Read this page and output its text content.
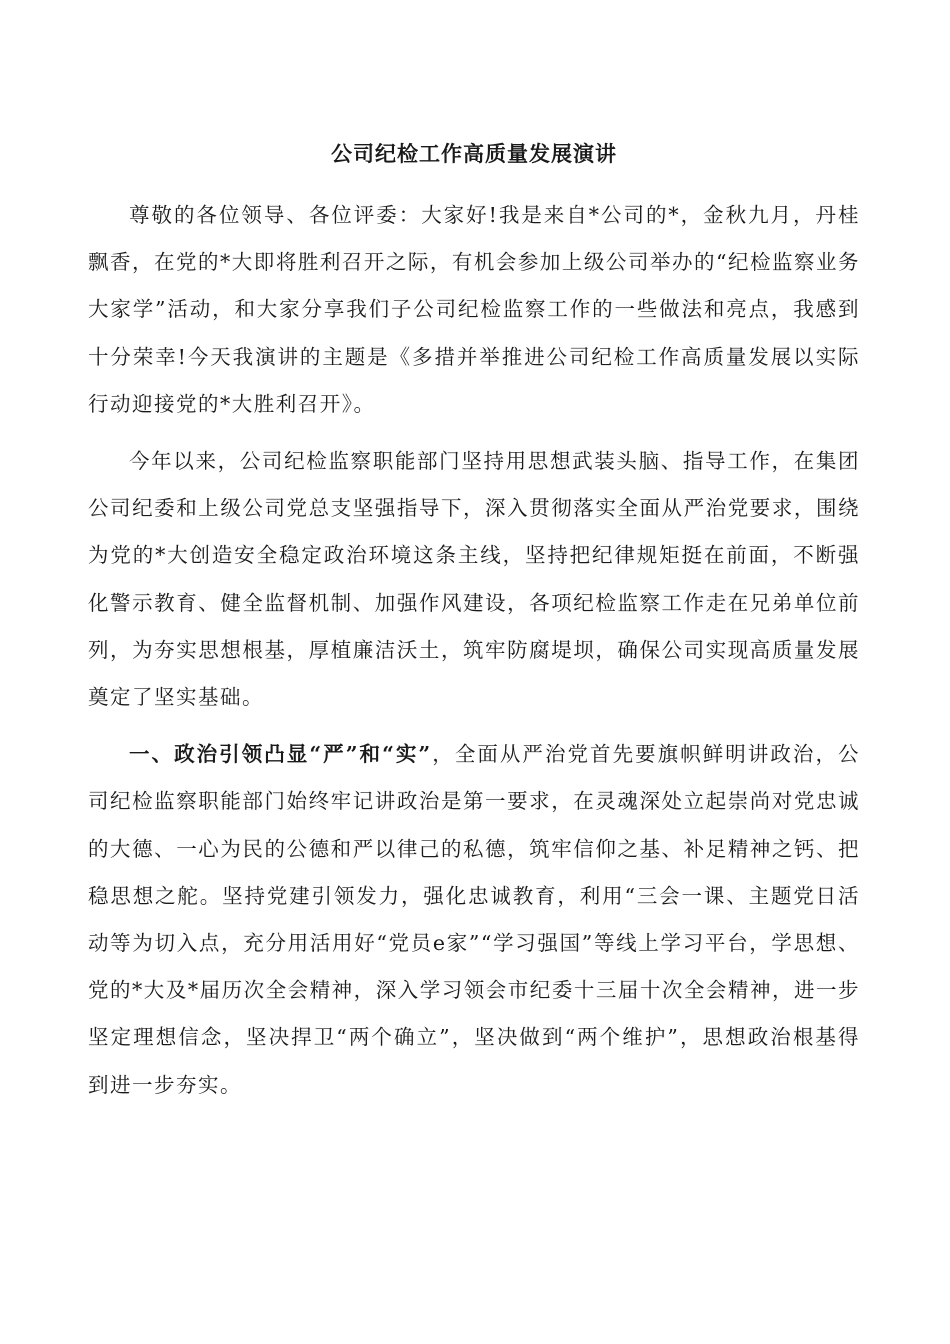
公司纪检工作高质量发展演讲

尊敬的各位领导、各位评委：大家好!我是来自*公司的*，金秋九月，丹桂飘香，在党的*大即将胜利召开之际，有机会参加上级公司举办的“纪检监察业务大家学”活动，和大家分享我们子公司纪检监察工作的一些做法和亮点，我感到十分荣幸!今天我演讲的主题是《多措并举推进公司纪检工作高质量发展以实际行动迎接党的*大胜利召开》。

今年以来，公司纪检监察职能部门坚持用思想武装头脑、指导工作，在集团公司纪委和上级公司党总支坚强指导下，深入贯彻落实全面从严治党要求，围绕为党的*大创造安全稳定政治环境这条主线，坚持把纪律规矩挺在前面，不断强化警示教育、健全监督机制、加强作风建设，各项纪检监察工作走在兄弟单位前列，为夯实思想根基，厚植廉洁沃土，筑牢防腐堤坝，确保公司实现高质量发展奠定了坚实基础。

一、政治引领凸显“严”和“实”，全面从严治党首先要旗帜鲜明讲政治，公司纪检监察职能部门始终牢记讲政治是第一要求，在灵魂深处立起崇尚对党忠诚的大德、一心为民的公德和严以律己的私德，筑牢信仰之基、补足精神之钙、把稳思想之舵。坚持党建引领发力，强化忠诚教育，利用“三会一课、主题党日活动等为切入点，充分用活用好“党员e家”“学习强国”等线上学习平台，学思想、党的*大及*届历次全会精神，深入学习领会市纪委十三届十次全会精神，进一步坚定理想信念，坚决捍卫“两个确立”，坚决做到“两个维护”，思想政治根基得到进一步夯实。
